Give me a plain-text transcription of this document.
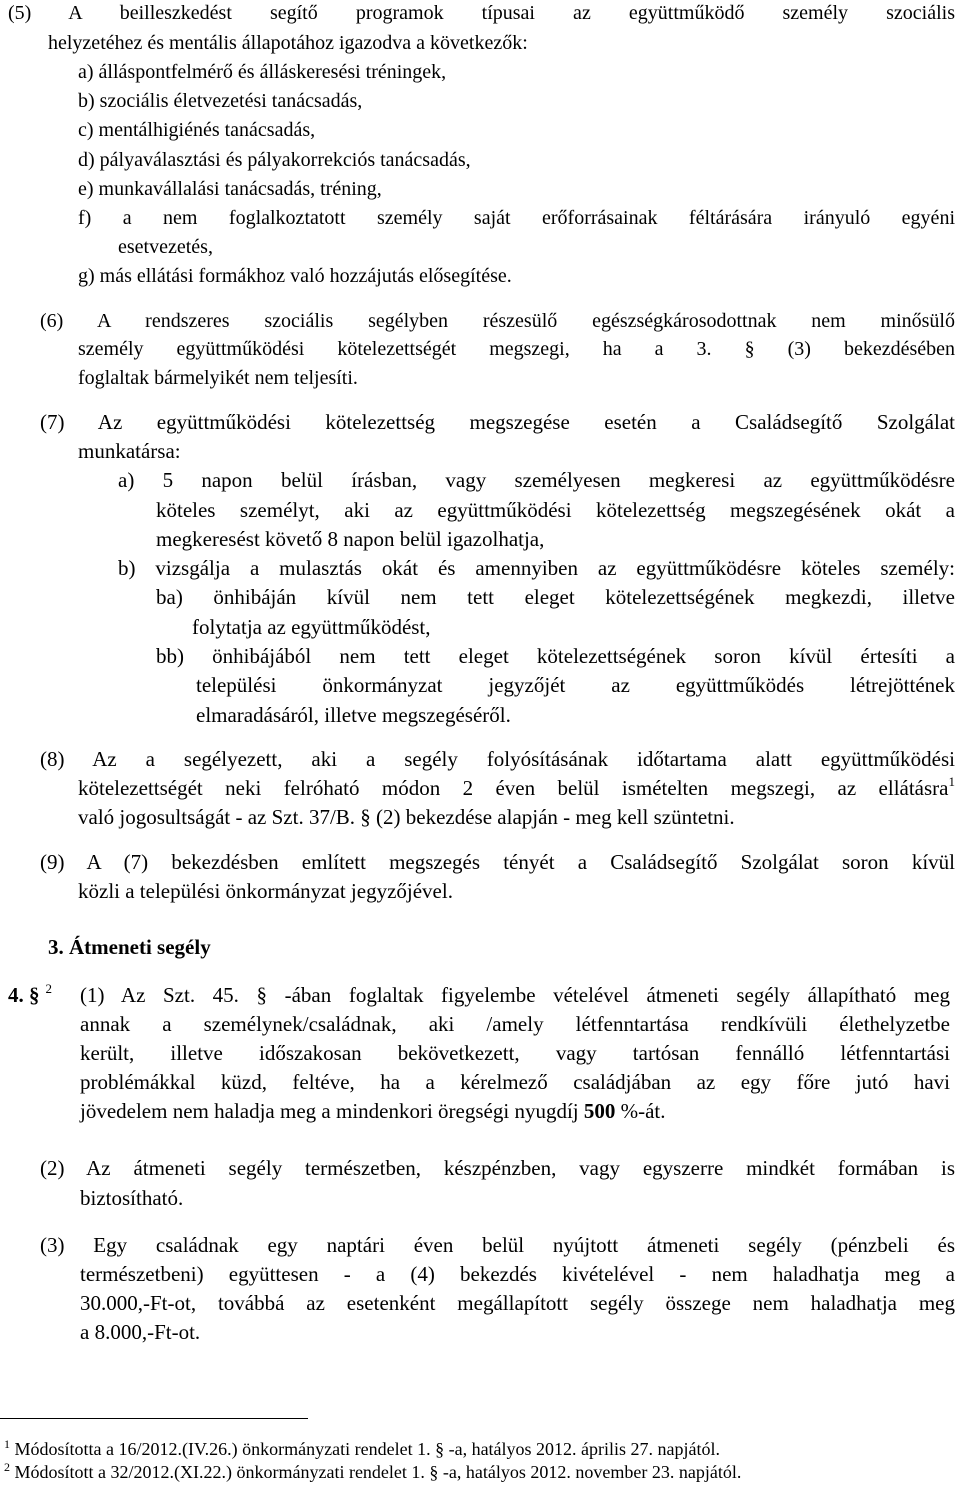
(5) A beilleszkedést segítő programok típusai az együttműködő személy szociális
helyzetéhez és mentális állapotához igazodva a következők:
a) álláspontfelmérő és álláskeresési tréningek,
b) szociális életvezetési tanácsadás,
c) mentálhigiénés tanácsadás,
d) pályaválasztási és pályakorrekciós tanácsadás,
e) munkavállalási tanácsadás, tréning,
f) a nem foglalkoztatott személy saját erőforrásainak féltárására irányuló egyéni
esetvezetés,
g) más ellátási formákhoz való hozzájutás elősegítése.
(6) A rendszeres szociális segélyben részesülő egészségkárosodottnak nem minősülő
személy együttműködési kötelezettségét megszegi, ha a 3. § (3) bekezdésében
foglaltak bármelyikét nem teljesíti.
(7) Az együttműködési kötelezettség megszegése esetén a Családsegítő Szolgálat
munkatársa:
a) 5 napon belül írásban, vagy személyesen megkeresi az együttműködésre
köteles személyt, aki az együttműködési kötelezettség megszegésének okát a
megkeresést követő 8 napon belül igazolhatja,
b) vizsgálja a mulasztás okát és amennyiben az együttműködésre köteles személy:
ba) önhibáján kívül nem tett eleget kötelezettségének megkezdi, illetve
folytatja az együttműködést,
bb) önhibájából nem tett eleget kötelezettségének soron kívül értesíti a
települési önkormányzat jegyzőjét az együttműködés létrejöttének
elmaradásáról, illetve megszegéséről.
(8) Az a segélyezett, aki a segély folyósításának időtartama alatt együttműködési
kötelezettségét neki felróható módon 2 éven belül ismételten megszegi, az ellátásra$^1$
való jogosultságát - az Szt. 37/B. § (2) bekezdése alapján - meg kell szüntetni.
(9) A (7) bekezdésben említett megszegés tényét a Családsegítő Szolgálat soron kívül
közli a települési önkormányzat jegyzőjével.
3. Átmeneti segély
4. § $^2$ (1) Az Szt. 45. § -ában foglaltak figyelembe vételével átmeneti segély állapítható meg
annak a személynek/családnak, aki /amely létfenntartása rendkívüli élethelyzetbe
került, illetve időszakosan bekövetkezett, vagy tartósan fennálló létfenntartási
problémákkal küzd, feltéve, ha a kérelmező családjában az egy főre jutó havi
jövedelem nem haladja meg a mindenkori öregségi nyugdíj 500 %-át.
(2) Az átmeneti segély természetben, készpénzben, vagy egyszerre mindkét formában is
biztosítható.
(3) Egy családnak egy naptári éven belül nyújtott átmeneti segély (pénzbeli és
természetbeni) együttesen - a (4) bekezdés kivételével - nem haladhatja meg a
30.000,-Ft-ot, továbbá az esetenként megállapított segély összege nem haladhatja meg
a 8.000,-Ft-ot.
$^1$ Módosította a 16/2012.(IV.26.) önkormányzati rendelet 1. § -a, hatályos 2012. április 27. napjától.
$^2$ Módosított a 32/2012.(XI.22.) önkormányzati rendelet 1. § -a, hatályos 2012. november 23. napjától.
